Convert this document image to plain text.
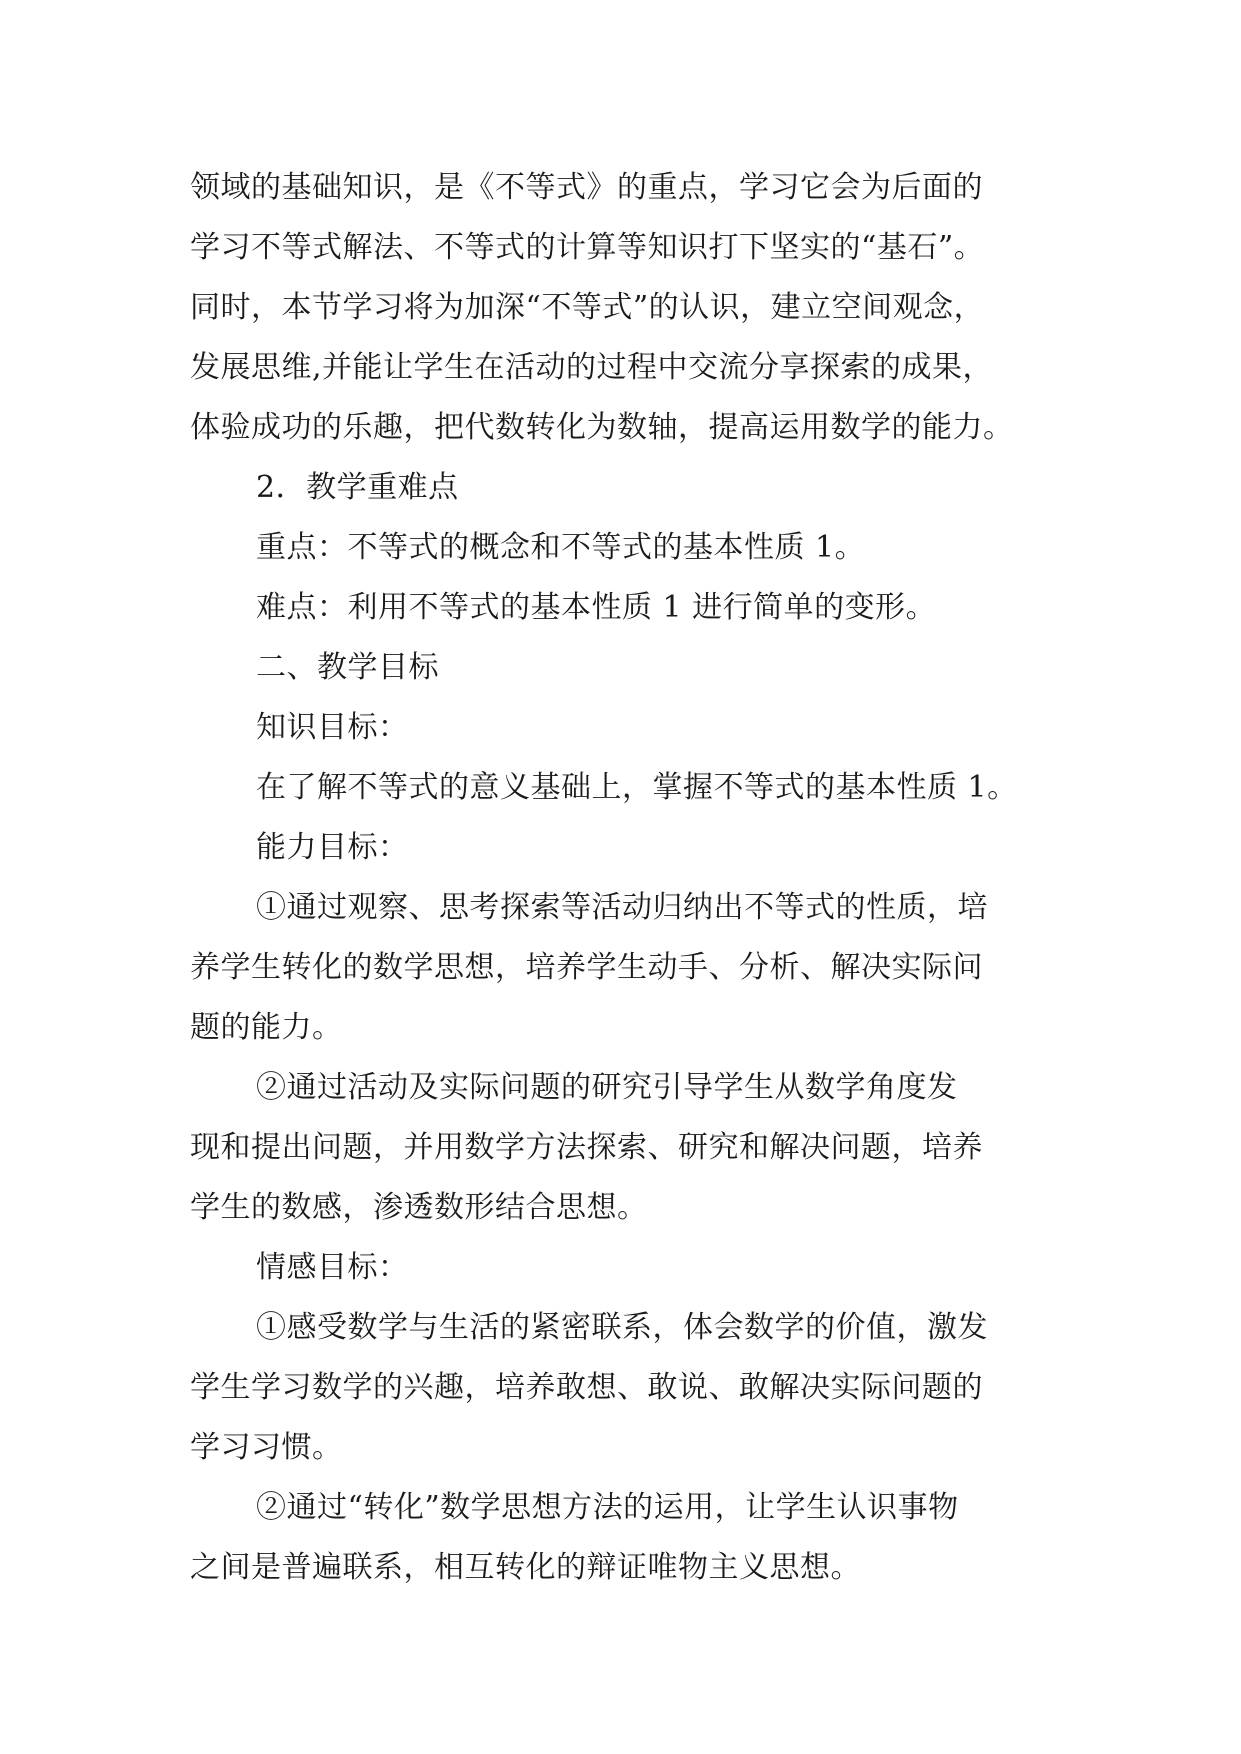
领域的基础知识，是《不等式》的重点，学习它会为后面的
学习不等式解法、不等式的计算等知识打下坚实的“基石”。
同时，本节学习将为加深“不等式”的认识，建立空间观念，
发展思维,并能让学生在活动的过程中交流分享探索的成果，
体验成功的乐趣，把代数转化为数轴，提高运用数学的能力。
2．教学重难点
重点：不等式的概念和不等式的基本性质 1。
难点：利用不等式的基本性质 1 进行简单的变形。
二、教学目标
知识目标：
在了解不等式的意义基础上，掌握不等式的基本性质 1。
能力目标：
①通过观察、思考探索等活动归纳出不等式的性质，培
养学生转化的数学思想，培养学生动手、分析、解决实际问
题的能力。
②通过活动及实际问题的研究引导学生从数学角度发
现和提出问题，并用数学方法探索、研究和解决问题，培养
学生的数感，渗透数形结合思想。
情感目标：
①感受数学与生活的紧密联系，体会数学的价值，激发
学生学习数学的兴趣，培养敢想、敢说、敢解决实际问题的
学习习惯。
②通过“转化”数学思想方法的运用，让学生认识事物
之间是普遍联系，相互转化的辩证唯物主义思想。
